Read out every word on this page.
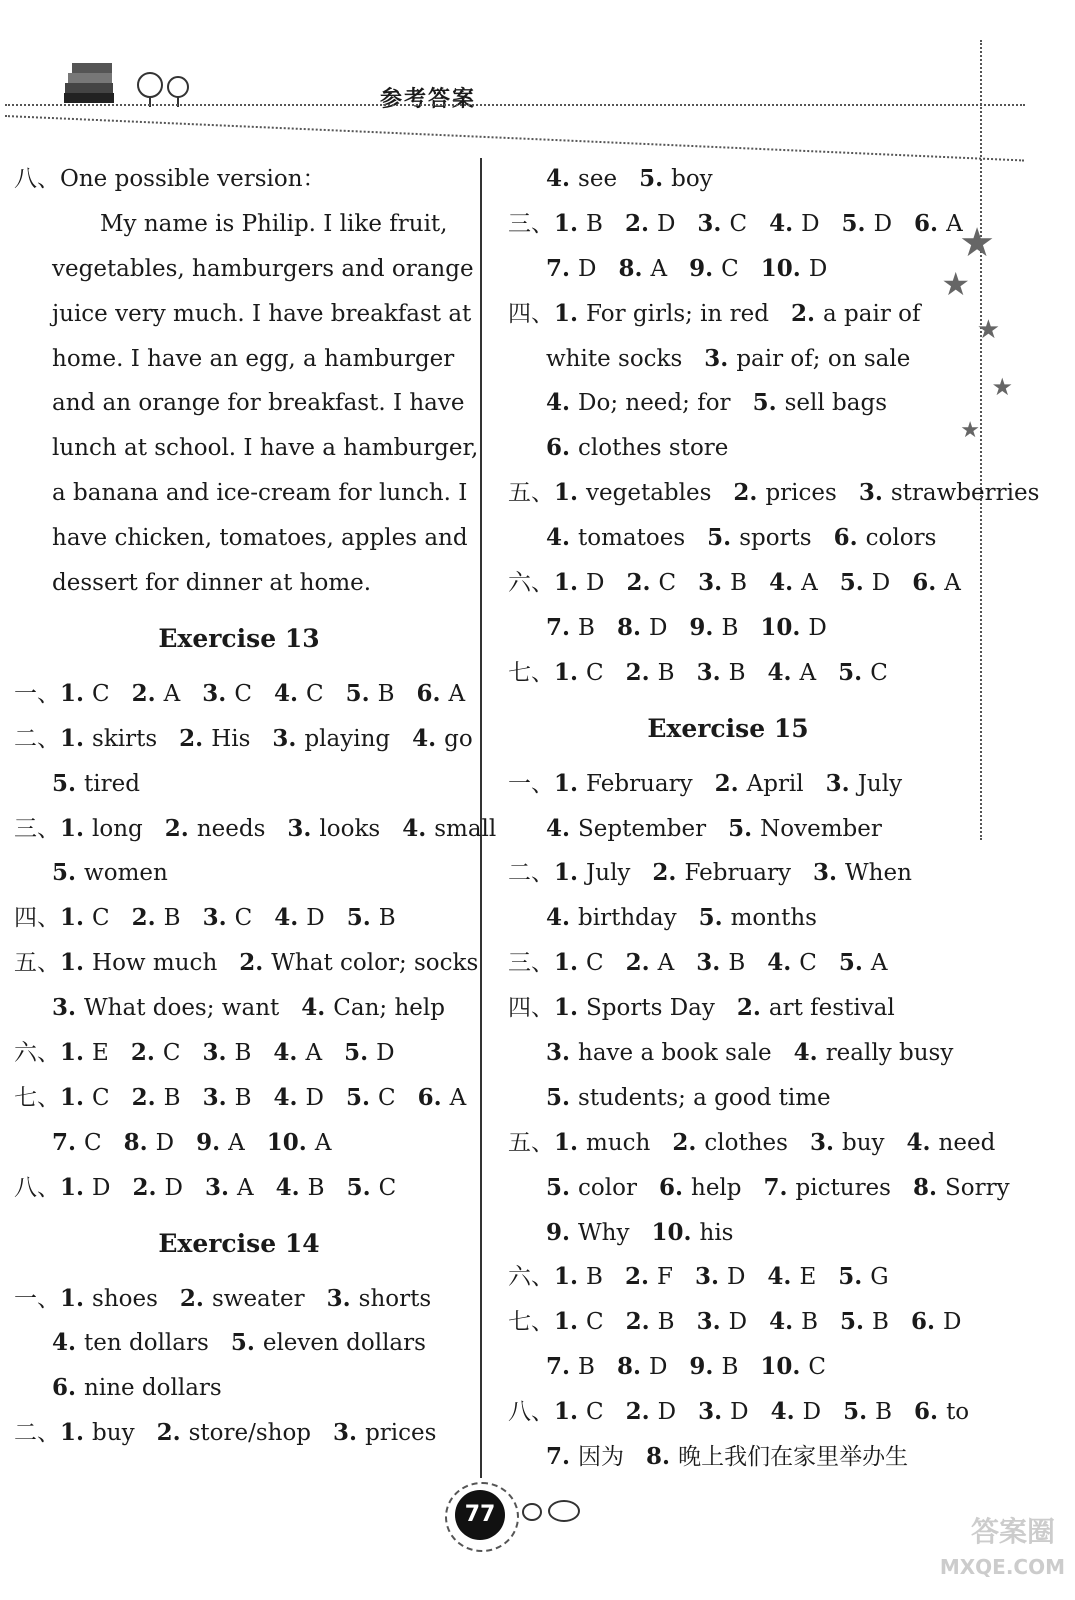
参考答案
★
★
★
★
★
八、One possible version：
My name is Philip. I like fruit,
vegetables, hamburgers and orange
juice very much. I have breakfast at
home. I have an egg, a hamburger
and an orange for breakfast. I have
lunch at school. I have a hamburger,
a banana and ice-cream for lunch. I
have chicken, tomatoes, apples and
dessert for dinner at home.
Exercise 13
一、1. C 2. A 3. C 4. C 5. B 6. A
二、1. skirts 2. His 3. playing 4. go
5. tired
三、1. long 2. needs 3. looks 4. small
5. women
四、1. C 2. B 3. C 4. D 5. B
五、1. How much 2. What color; socks
3. What does; want 4. Can; help
六、1. E 2. C 3. B 4. A 5. D
七、1. C 2. B 3. B 4. D 5. C 6. A
7. C 8. D 9. A 10. A
八、1. D 2. D 3. A 4. B 5. C
Exercise 14
一、1. shoes 2. sweater 3. shorts
4. ten dollars 5. eleven dollars
6. nine dollars
二、1. buy 2. store/shop 3. prices
4. see 5. boy
三、1. B 2. D 3. C 4. D 5. D 6. A
7. D 8. A 9. C 10. D
四、1. For girls; in red 2. a pair of
white socks 3. pair of; on sale
4. Do; need; for 5. sell bags
6. clothes store
五、1. vegetables 2. prices 3. strawberries
4. tomatoes 5. sports 6. colors
六、1. D 2. C 3. B 4. A 5. D 6. A
7. B 8. D 9. B 10. D
七、1. C 2. B 3. B 4. A 5. C
Exercise 15
一、1. February 2. April 3. July
4. September 5. November
二、1. July 2. February 3. When
4. birthday 5. months
三、1. C 2. A 3. B 4. C 5. A
四、1. Sports Day 2. art festival
3. have a book sale 4. really busy
5. students; a good time
五、1. much 2. clothes 3. buy 4. need
5. color 6. help 7. pictures 8. Sorry
9. Why 10. his
六、1. B 2. F 3. D 4. E 5. G
七、1. C 2. B 3. D 4. B 5. B 6. D
7. B 8. D 9. B 10. C
八、1. C 2. D 3. D 4. D 5. B 6. to
7. 因为 8. 晚上我们在家里举办生
77
答案圈
MXQE.COM
